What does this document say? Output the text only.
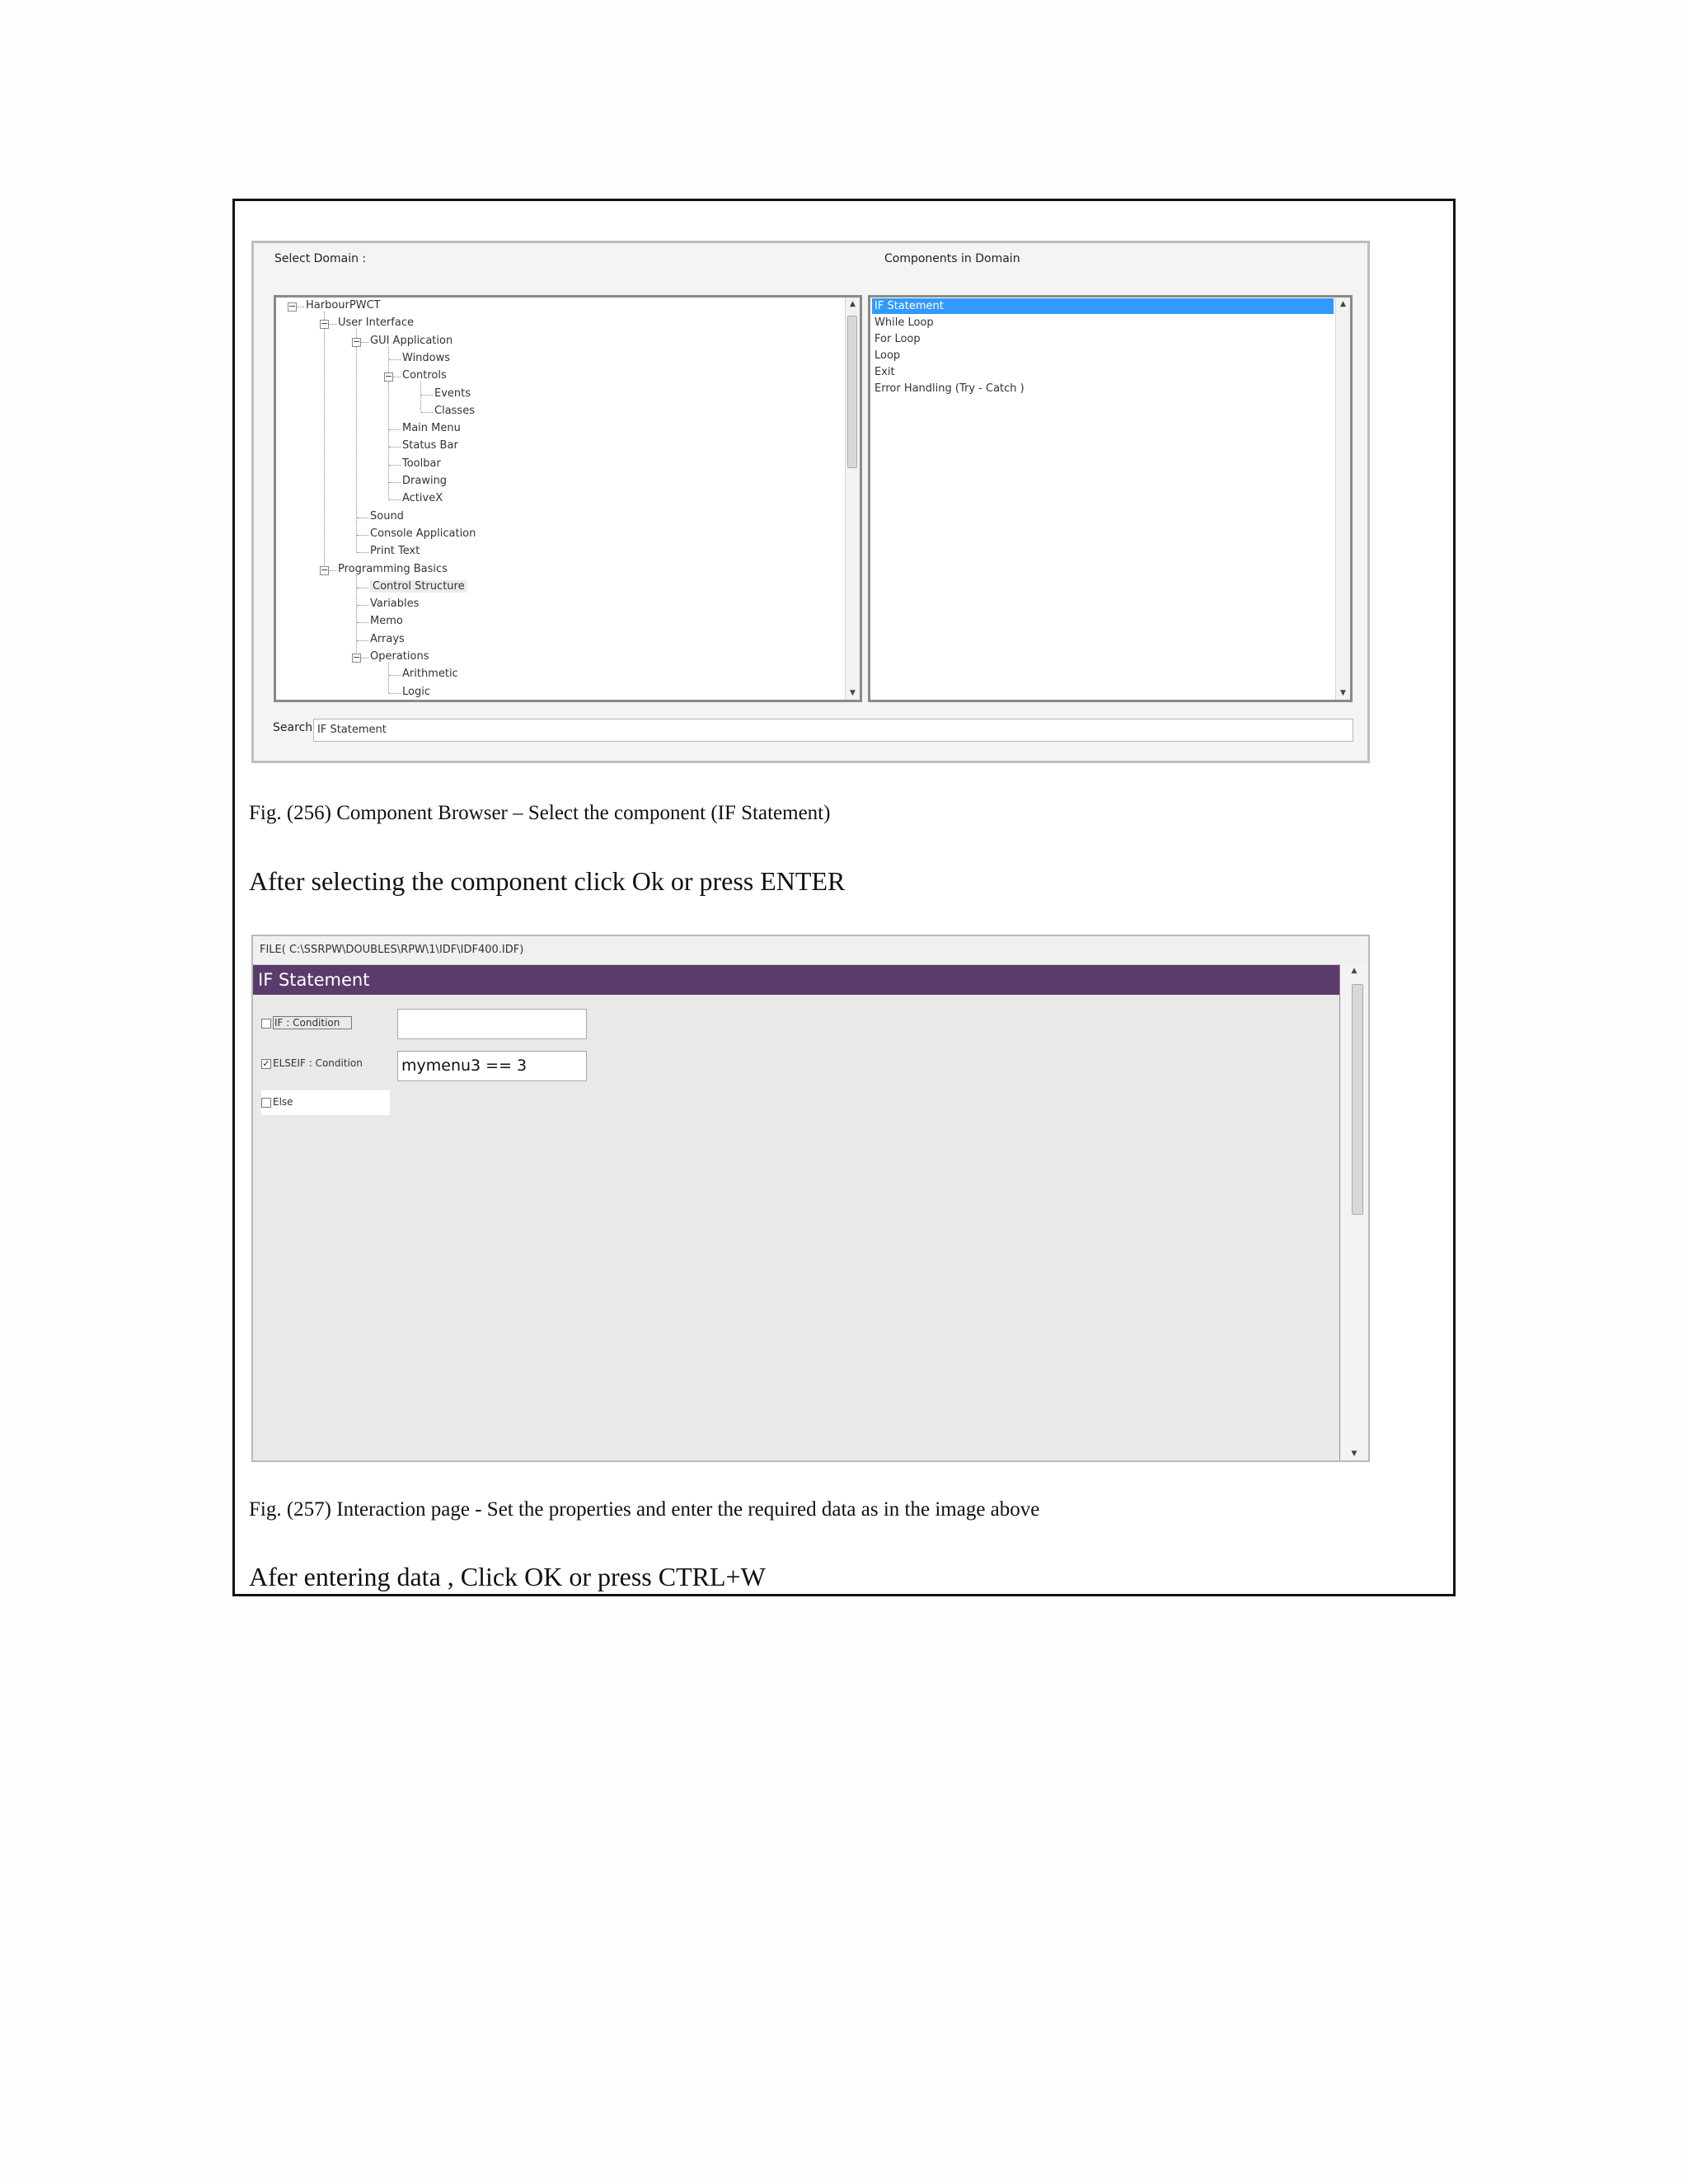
Select Domain :	Components in Domain
− HarbourPWCT
− User Interface
− GUI Application
Windows
− Controls
Events
Classes
Main Menu
Status Bar
Toolbar
Drawing
ActiveX
Sound
Console Application
Print Text
− Programming Basics
Control Structure
Variables
Memo
Arrays
− Operations
Arithmetic
Logic
▲
▼
IF Statement
While Loop
For Loop
Loop
Exit
Error Handling (Try - Catch )
▲
▼
Search IF Statement
Fig. (256) Component Browser – Select the component (IF Statement)
After selecting the component click Ok or press ENTER
FILE( C:\SSRPW\DOUBLES\RPW\1\IDF\IDF400.IDF)
IF Statement
IF : Condition
✓ ELSEIF : Condition mymenu3 == 3
Else
▲
▼
Fig. (257) Interaction page - Set the properties and enter the required data as in the image above
Afer entering data , Click OK or press CTRL+W
